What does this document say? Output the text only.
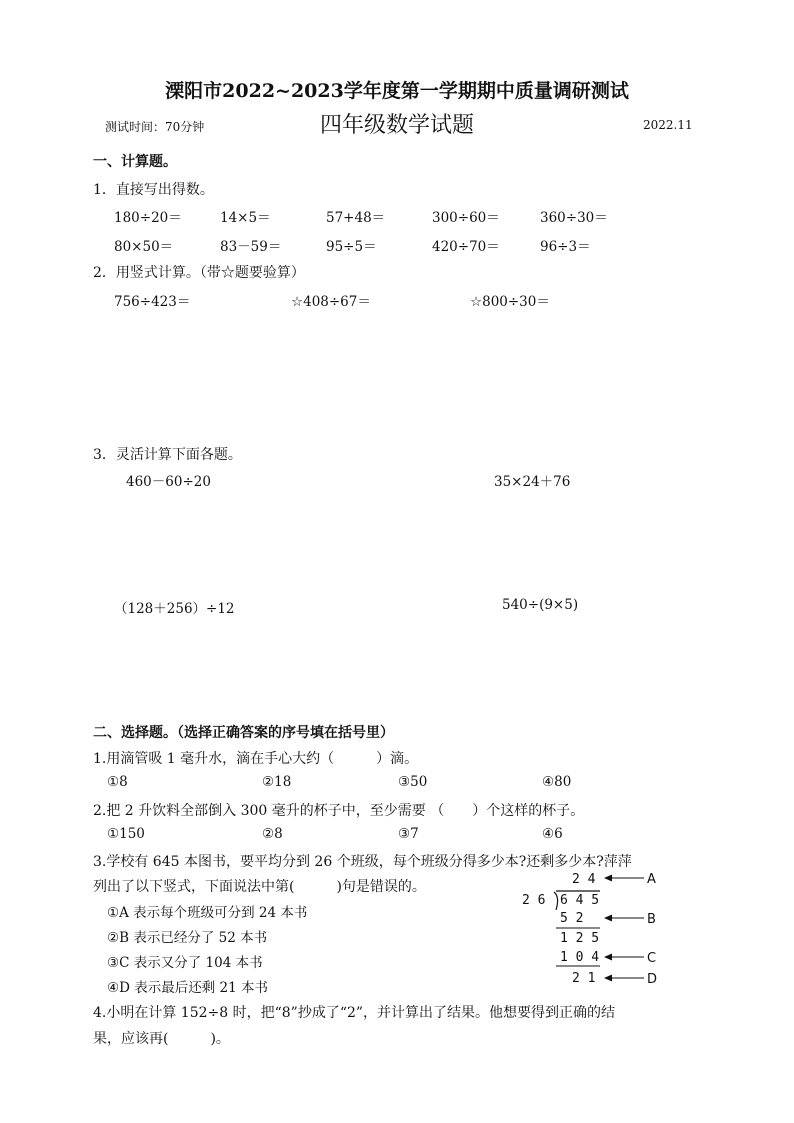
溧阳市2022~2023学年度第一学期期中质量调研测试
测试时间：70分钟	四年级数学试题	2022.11
一、计算题。
1．直接写出得数。
180÷20＝	14×5＝	57+48＝	300÷60＝	360÷30＝
80×50＝	83－59＝	95÷5＝	420÷70＝	96÷3＝
2．用竖式计算。（带☆题要验算）
756÷423＝	☆408÷67＝	☆800÷30＝
3．灵活计算下面各题。
460－60÷20	35×24＋76
（128＋256）÷12	540÷(9×5)
二、选择题。（选择正确答案的序号填在括号里）
1.用滴管吸 1 毫升水，滴在手心大约（　　　）滴。
①8	②18	③50	④80
2.把 2 升饮料全部倒入 300 毫升的杯子中，至少需要 （　　）个这样的杯子。
①150	②8	③7	④6
3.学校有 645 本图书，要平均分到 26 个班级，每个班级分得多少本?还剩多少本?萍萍
列出了以下竖式，下面说法中第(　　　)句是错误的。
①A 表示每个班级可分到 24 本书
②B 表示已经分了 52 本书
③C 表示又分了 104 本书
④D 表示最后还剩 21 本书
2 4
2 6 6 4 5
5 2
1 2 5
1 0 4
2 1
A
B
C
D
4.小明在计算 152÷8 时，把“8”抄成了“2”，并计算出了结果。他想要得到正确的结
果，应该再(　　　)。
